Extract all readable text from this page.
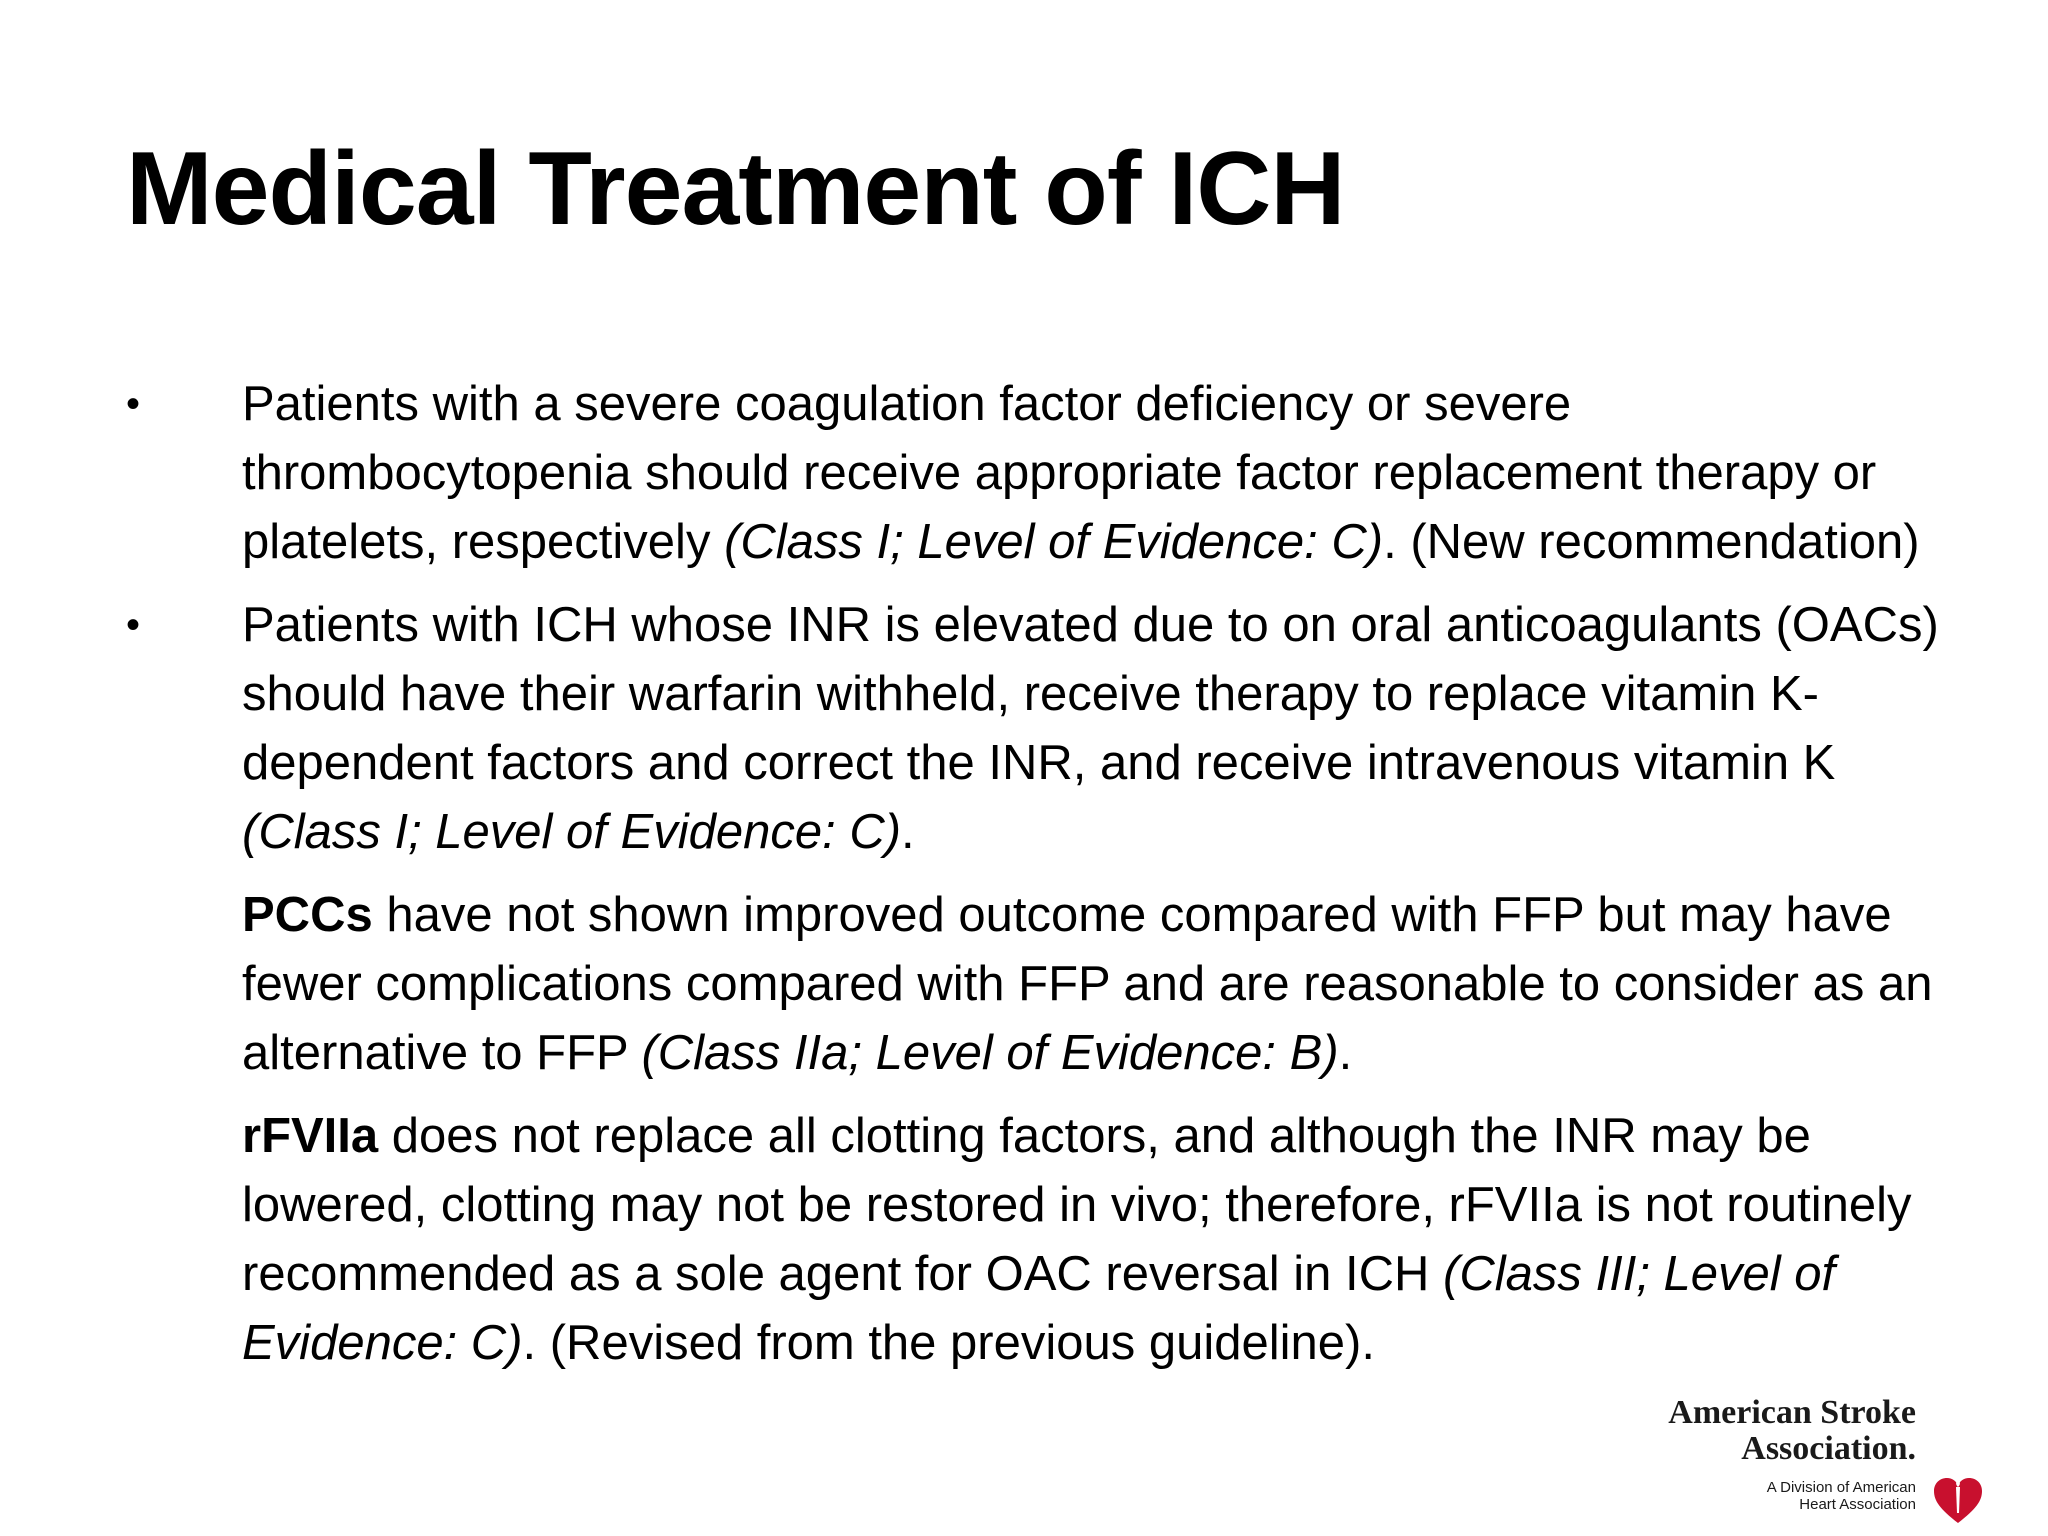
Medical Treatment of ICH

•	Patients with a severe coagulation factor deficiency or severe thrombocytopenia should receive appropriate factor replacement therapy or platelets, respectively (Class I; Level of Evidence: C). (New recommendation)

•	Patients with ICH whose INR is elevated due to on oral anticoagulants (OACs) should have their warfarin withheld, receive therapy to replace vitamin K-dependent factors and correct the INR, and receive intravenous vitamin K (Class I; Level of Evidence: C).

PCCs have not shown improved outcome compared with FFP but may have fewer complications compared with FFP and are reasonable to consider as an alternative to FFP (Class IIa; Level of Evidence: B).

rFVIIa does not replace all clotting factors, and although the INR may be lowered, clotting may not be restored in vivo; therefore, rFVIIa is not routinely recommended as a sole agent for OAC reversal in ICH (Class III; Level of Evidence: C). (Revised from the previous guideline).

American Stroke
Association.
A Division of American
Heart Association
